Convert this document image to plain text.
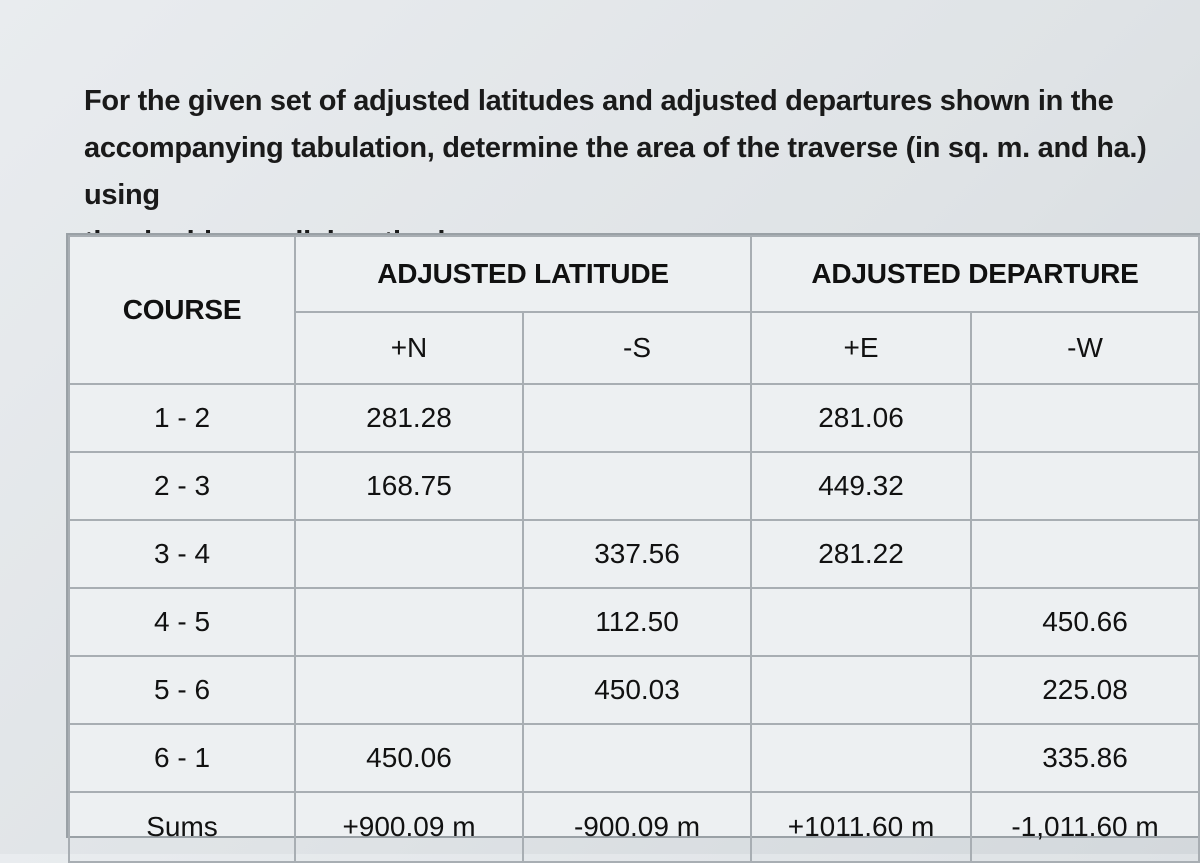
For the given set of adjusted latitudes and adjusted departures shown in the

accompanying tabulation, determine the area of the traverse (in sq. m. and ha.) using

COURSE	ADJUSTED LATITUDE		ADJUSTED DEPARTURE	
	+N	-S	+E	-W
1 - 2	281.28		281.06	
2 - 3	168.75		449.32	
3 - 4		337.56	281.22	
4 - 5		112.50		450.66
5 - 6		450.03		225.08
6 - 1	450.06			335.86
Sums	+900.09 m	-900.09 m	+1011.60 m	-1,011.60 m
